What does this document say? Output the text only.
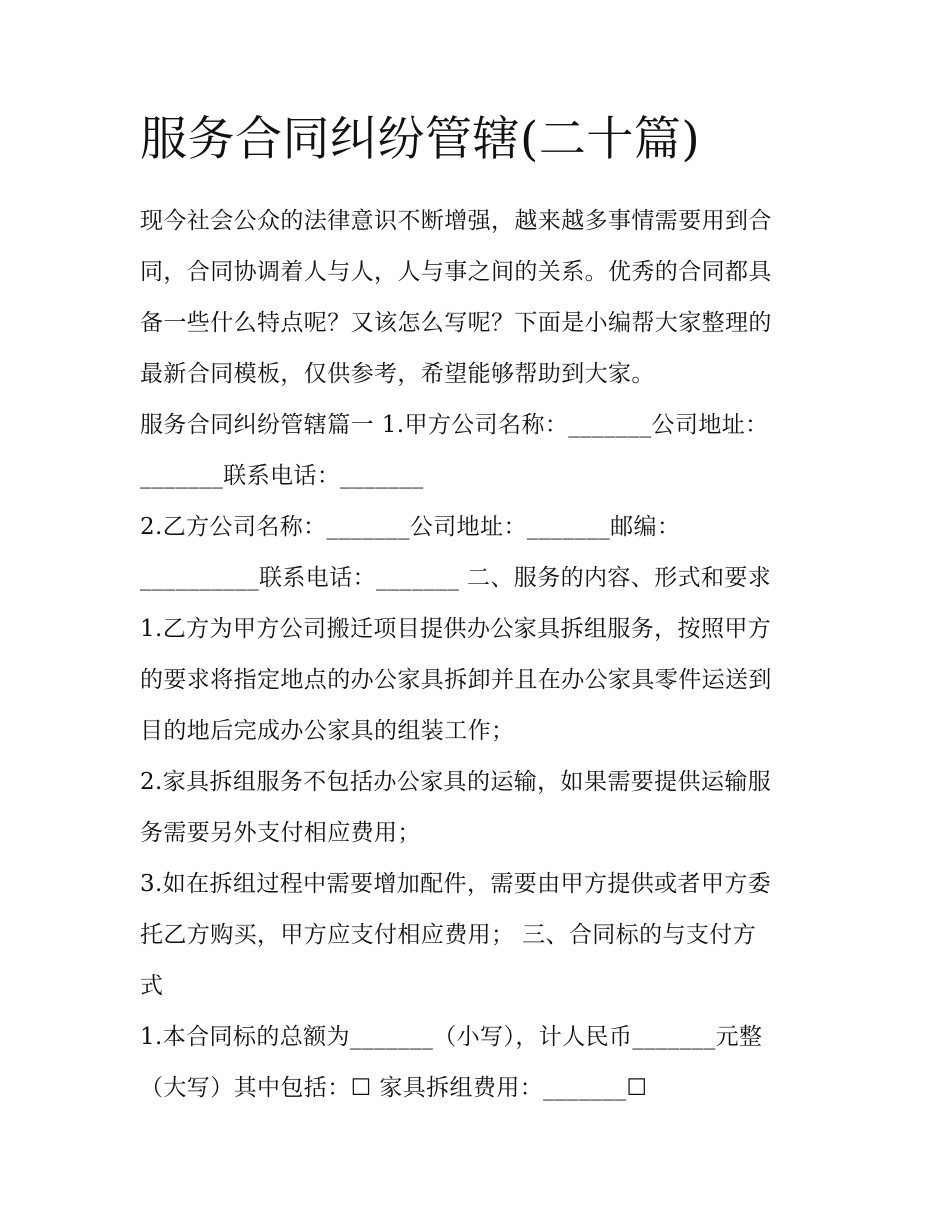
服务合同纠纷管辖(二十篇)

现今社会公众的法律意识不断增强，越来越多事情需要用到合

同，合同协调着人与人，人与事之间的关系。优秀的合同都具

备一些什么特点呢？又该怎么写呢？下面是小编帮大家整理的

最新合同模板，仅供参考，希望能够帮助到大家。

服务合同纠纷管辖篇一 1.甲方公司名称：_______公司地址：

_______联系电话：_______

2.乙方公司名称：_______公司地址：_______邮编：

__________联系电话：_______ 二、服务的内容、形式和要求

1.乙方为甲方公司搬迁项目提供办公家具拆组服务，按照甲方

的要求将指定地点的办公家具拆卸并且在办公家具零件运送到

目的地后完成办公家具的组装工作；

2.家具拆组服务不包括办公家具的运输，如果需要提供运输服

务需要另外支付相应费用；

3.如在拆组过程中需要增加配件，需要由甲方提供或者甲方委

托乙方购买，甲方应支付相应费用； 三、合同标的与支付方

式

1.本合同标的总额为_______（小写），计人民币_______元整

（大写）其中包括：☐ 家具拆组费用：_______☐
